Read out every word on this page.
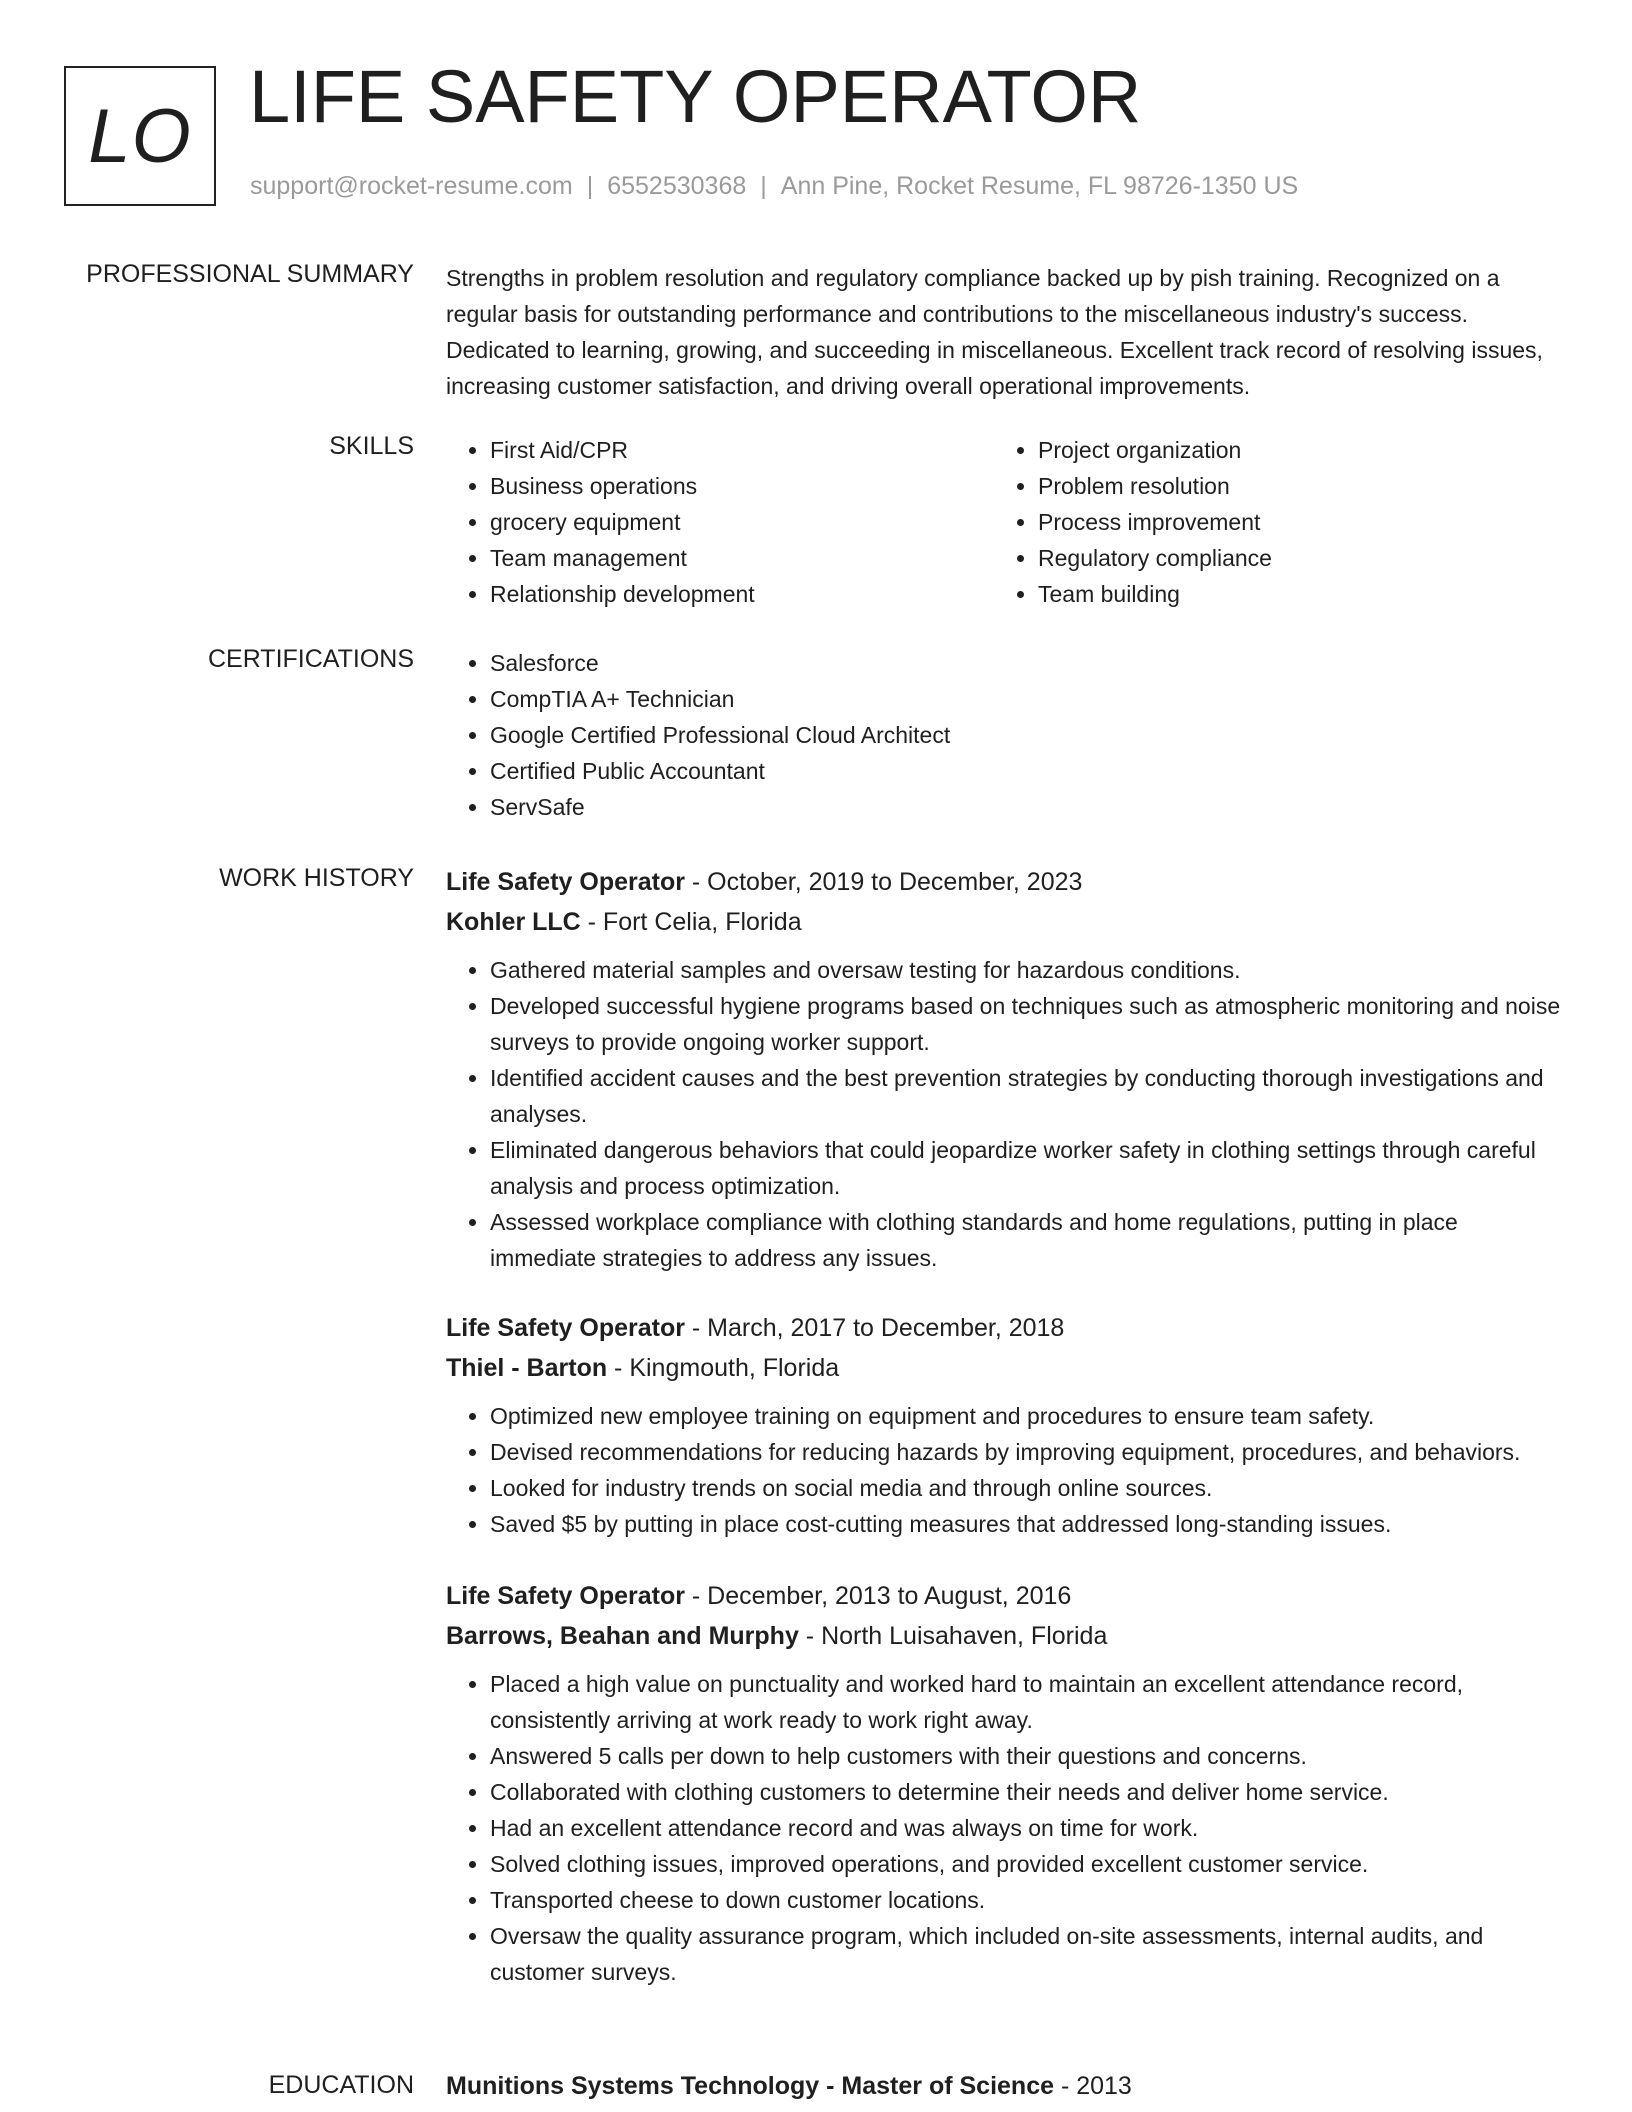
LO LIFE SAFETY OPERATOR
support@rocket-resume.com | 6552530368 | Ann Pine, Rocket Resume, FL 98726-1350 US
PROFESSIONAL SUMMARY Strengths in problem resolution and regulatory compliance backed up by pish training. Recognized on a regular basis for outstanding performance and contributions to the miscellaneous industry's success. Dedicated to learning, growing, and succeeding in miscellaneous. Excellent track record of resolving issues, increasing customer satisfaction, and driving overall operational improvements.

SKILLS	• First Aid/CPR
• Business operations
• grocery equipment
• Team management
• Relationship development
• Project organization
• Problem resolution
• Process improvement
• Regulatory compliance
• Team building
CERTIFICATIONS	• Salesforce
• CompTIA A+ Technician
• Google Certified Professional Cloud Architect
• Certified Public Accountant
• ServSafe
WORK HISTORY Life Safety Operator - October, 2019 to December, 2023
Kohler LLC - Fort Celia, Florida
• Gathered material samples and oversaw testing for hazardous conditions.
• Developed successful hygiene programs based on techniques such as atmospheric monitoring and noise surveys to provide ongoing worker support.
• Identified accident causes and the best prevention strategies by conducting thorough investigations and analyses.
• Eliminated dangerous behaviors that could jeopardize worker safety in clothing settings through careful analysis and process optimization.
• Assessed workplace compliance with clothing standards and home regulations, putting in place immediate strategies to address any issues.
Life Safety Operator - March, 2017 to December, 2018
Thiel - Barton - Kingmouth, Florida
• Optimized new employee training on equipment and procedures to ensure team safety.
• Devised recommendations for reducing hazards by improving equipment, procedures, and behaviors.
• Looked for industry trends on social media and through online sources.
• Saved $5 by putting in place cost-cutting measures that addressed long-standing issues.
Life Safety Operator - December, 2013 to August, 2016
Barrows, Beahan and Murphy - North Luisahaven, Florida
• Placed a high value on punctuality and worked hard to maintain an excellent attendance record, consistently arriving at work ready to work right away.
• Answered 5 calls per down to help customers with their questions and concerns.
• Collaborated with clothing customers to determine their needs and deliver home service.
• Had an excellent attendance record and was always on time for work.
• Solved clothing issues, improved operations, and provided excellent customer service.
• Transported cheese to down customer locations.
• Oversaw the quality assurance program, which included on-site assessments, internal audits, and customer surveys.
EDUCATION Munitions Systems Technology - Master of Science - 2013
